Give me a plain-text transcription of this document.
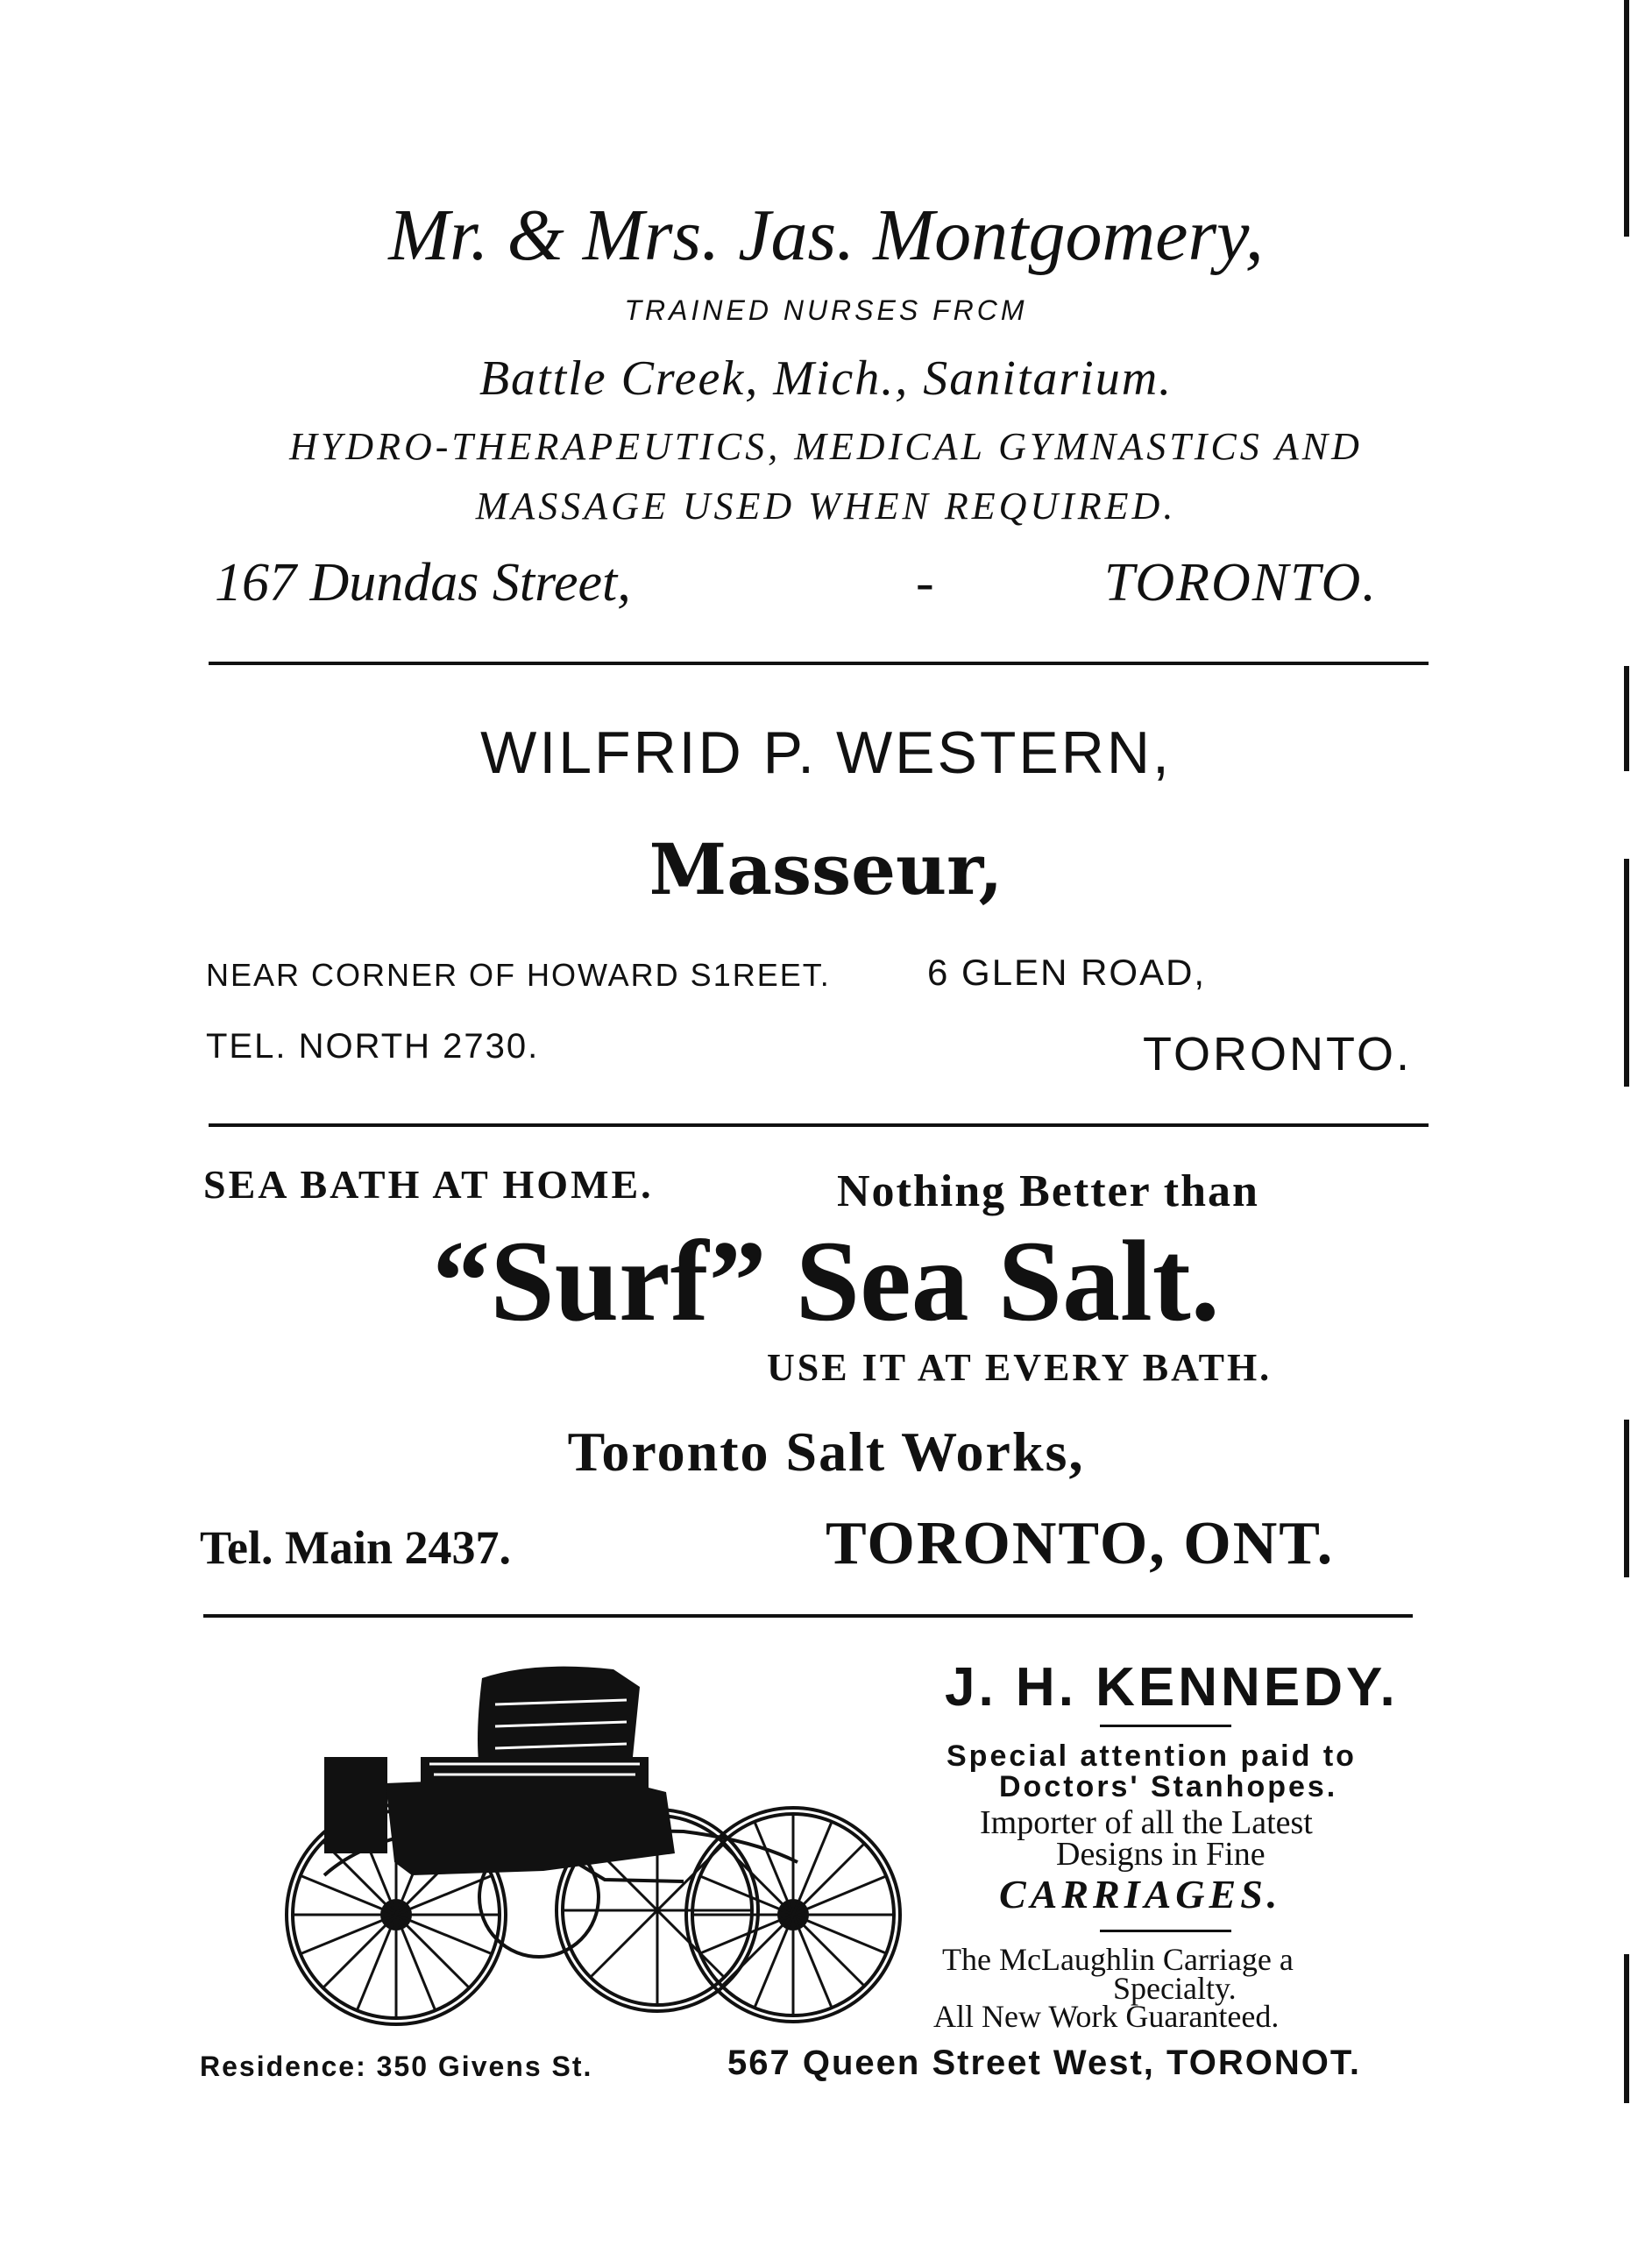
Mr. & Mrs. Jas. Montgomery,
TRAINED NURSES FRCM
Battle Creek, Mich., Sanitarium.
HYDRO-THERAPEUTICS, MEDICAL GYMNASTICS AND
MASSAGE USED WHEN REQUIRED.
167 Dundas Street,	-	TORONTO.
WILFRID P. WESTERN,
Masseur,
NEAR CORNER OF HOWARD S1REET.	6 GLEN ROAD,
TEL. NORTH 2730.	TORONTO.
SEA BATH AT HOME.	Nothing Better than
“Surf” Sea Salt.
USE IT AT EVERY BATH.
Toronto Salt Works,
Tel. Main 2437.	TORONTO, ONT.
J. H. KENNEDY.
Special attention paid to
Doctors' Stanhopes.
Importer of all the Latest
Designs in Fine
CARRIAGES.
The McLaughlin Carriage a
Specialty.
All New Work Guaranteed.
Residence: 350 Givens St.	567 Queen Street West, TORONOT.
